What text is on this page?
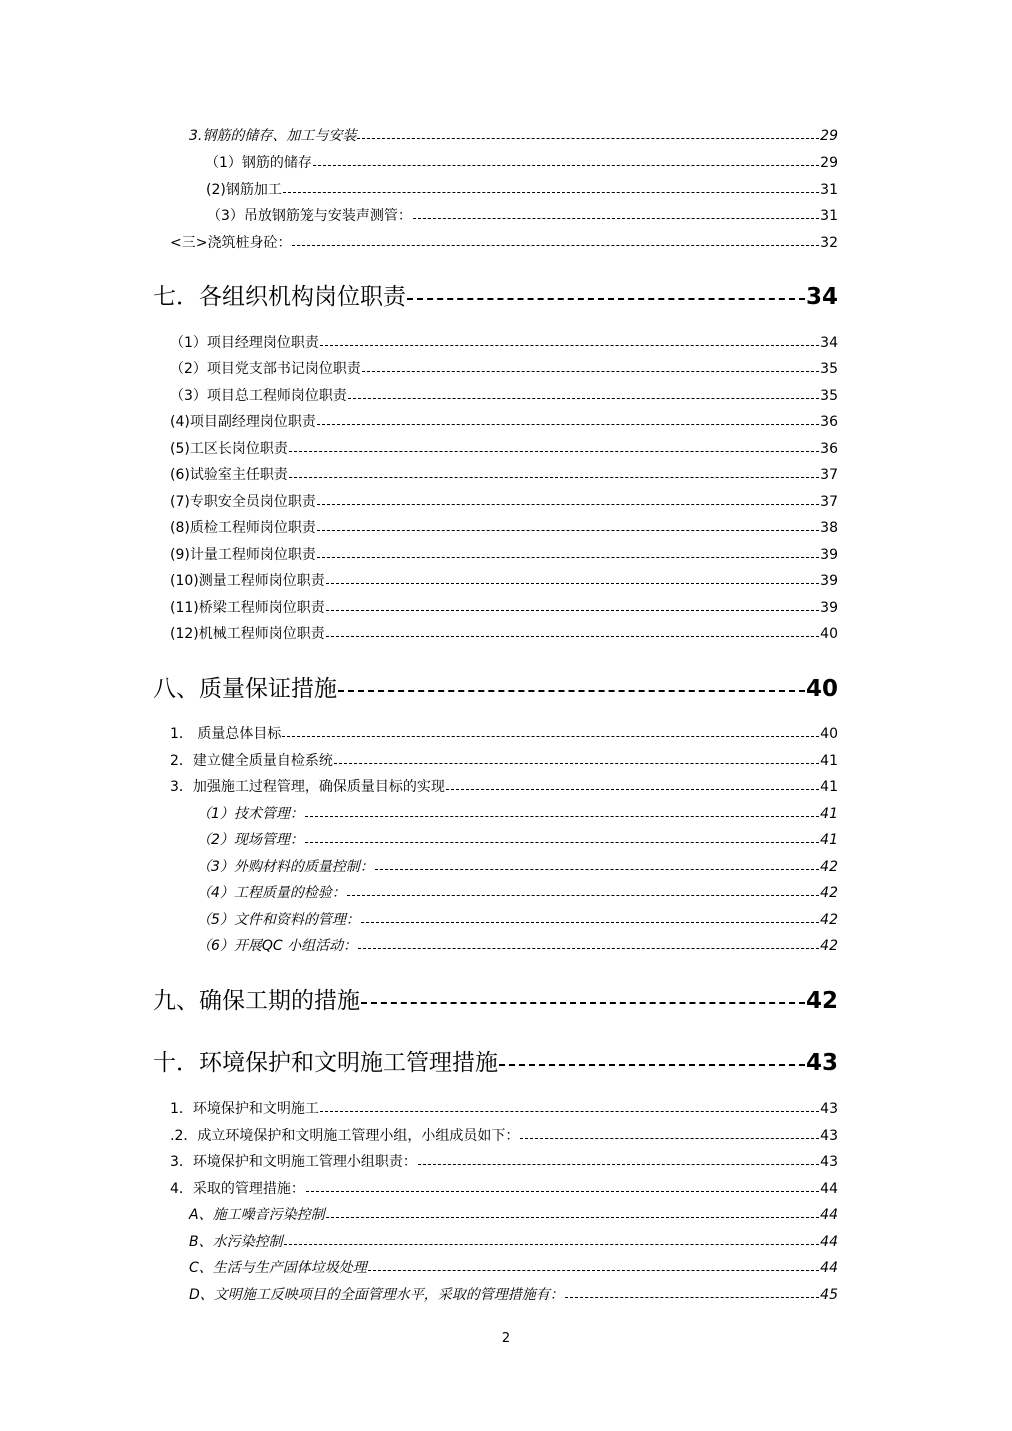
3.钢筋的储存、加工与安装	29
（1）钢筋的储存	29
(2)钢筋加工	31
（3）吊放钢筋笼与安装声测管：	31
<三>浇筑桩身砼：	32
七．各组织机构岗位职责	34
（1）项目经理岗位职责	34
（2）项目党支部书记岗位职责	35
（3）项目总工程师岗位职责	35
(4)项目副经理岗位职责	36
(5)工区长岗位职责	36
(6)试验室主任职责	37
(7)专职安全员岗位职责	37
(8)质检工程师岗位职责	38
(9)计量工程师岗位职责	39
(10)测量工程师岗位职责	39
(11)桥梁工程师岗位职责	39
(12)机械工程师岗位职责	40
八、质量保证措施	40
1． 质量总体目标	40
2．建立健全质量自检系统	41
3．加强施工过程管理，确保质量目标的实现	41
（1）技术管理：	41
（2）现场管理：	41
（3）外购材料的质量控制：	42
（4）工程质量的检验：	42
（5）文件和资料的管理：	42
（6）开展QC 小组活动：	42
九、确保工期的措施	42
十．环境保护和文明施工管理措施	43
1．环境保护和文明施工	43
.2．成立环境保护和文明施工管理小组，小组成员如下：	43
3．环境保护和文明施工管理小组职责：	43
4．采取的管理措施：	44
A、施工噪音污染控制	44
B、水污染控制	44
C、生活与生产固体垃圾处理	44
D、文明施工反映项目的全面管理水平，采取的管理措施有：	45
2
